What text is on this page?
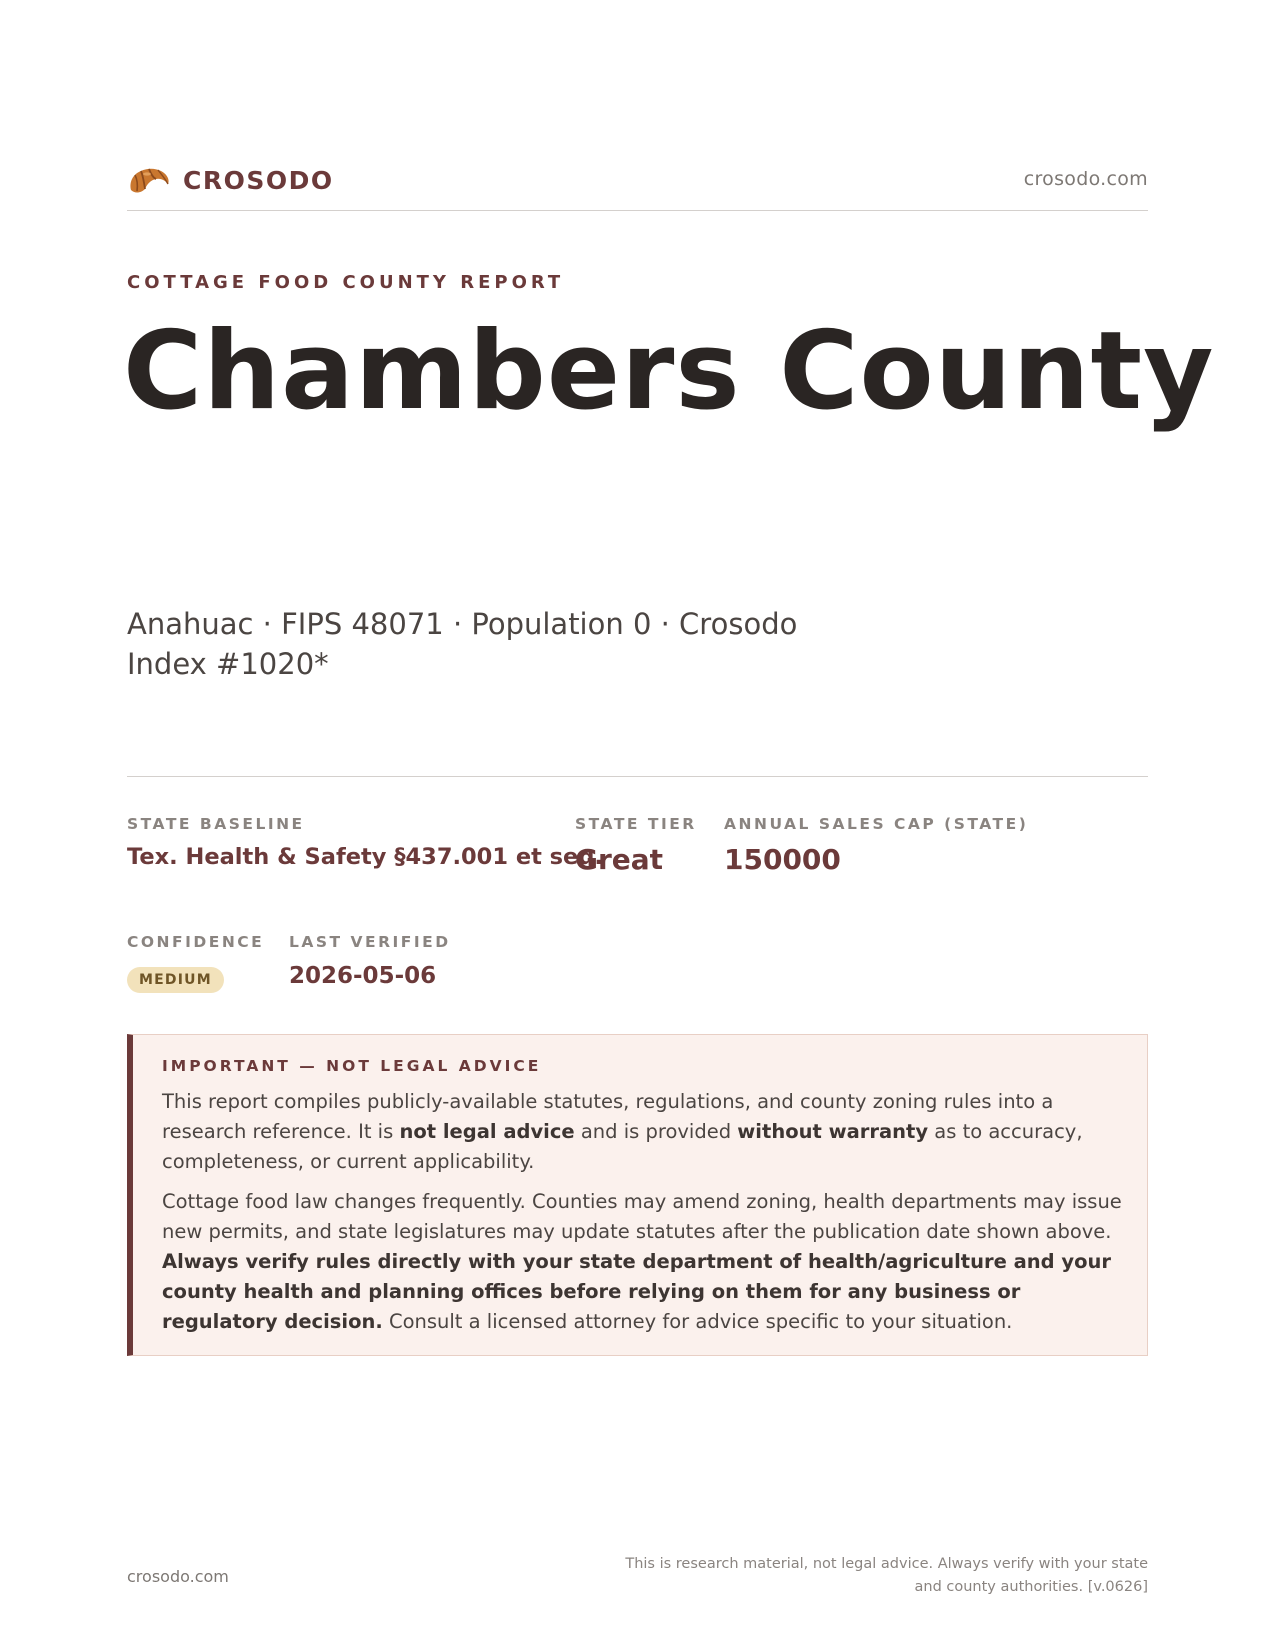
CROSODO	crosodo.com
COTTAGE FOOD COUNTY REPORT
Chambers County
Anahuac · FIPS 48071 · Population 0 · Crosodo Index #1020*
STATE BASELINE
Tex. Health & Safety §437.001 et seq.
STATE TIER
Great
ANNUAL SALES CAP (STATE)
150000
CONFIDENCE
MEDIUM
LAST VERIFIED
2026-05-06
IMPORTANT — NOT LEGAL ADVICE

This report compiles publicly-available statutes, regulations, and county zoning rules into a research reference. It is not legal advice and is provided without warranty as to accuracy, completeness, or current applicability.

Cottage food law changes frequently. Counties may amend zoning, health departments may issue new permits, and state legislatures may update statutes after the publication date shown above. Always verify rules directly with your state department of health/agriculture and your county health and planning offices before relying on them for any business or regulatory decision. Consult a licensed attorney for advice specific to your situation.

crosodo.com
This is research material, not legal advice. Always verify with your state
and county authorities. [v.0626]
